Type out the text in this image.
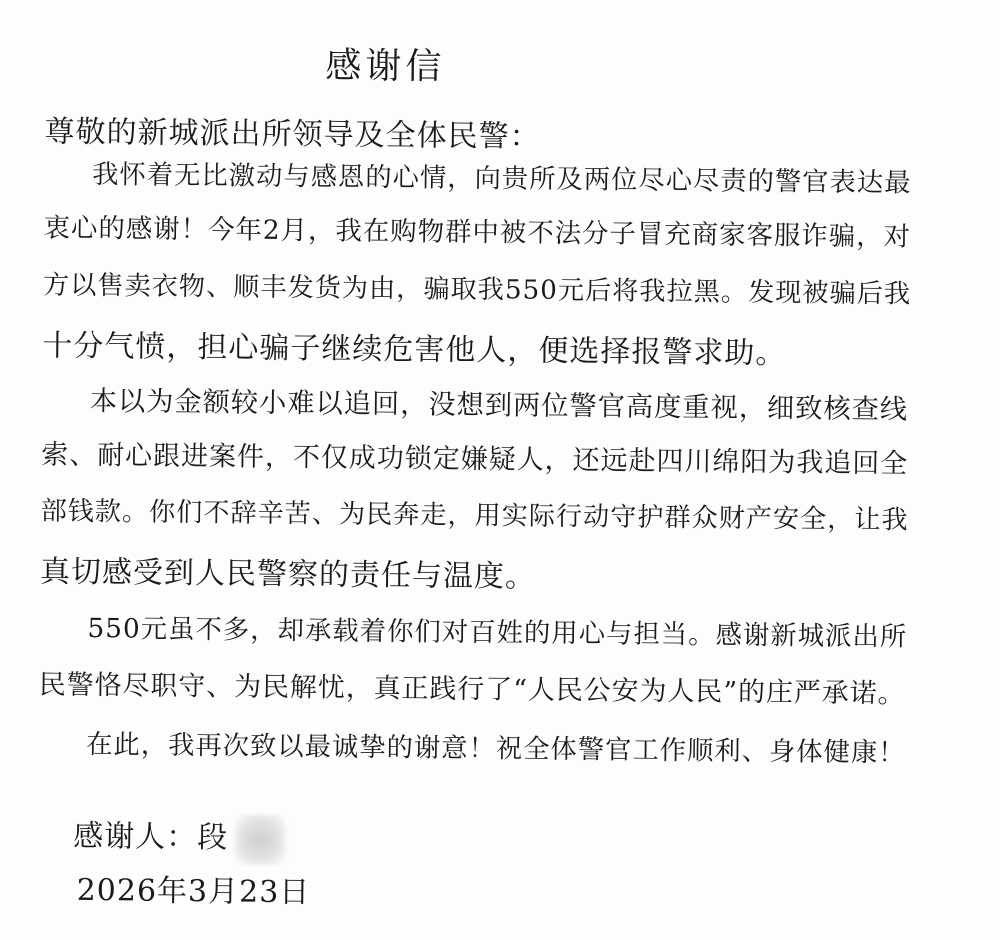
感谢信
尊敬的新城派出所领导及全体民警：
我怀着无比激动与感恩的心情，向贵所及两位尽心尽责的警官表达最
衷心的感谢！今年2月，我在购物群中被不法分子冒充商家客服诈骗，对
方以售卖衣物、顺丰发货为由，骗取我550元后将我拉黑。发现被骗后我
十分气愤，担心骗子继续危害他人，便选择报警求助。
本以为金额较小难以追回，没想到两位警官高度重视，细致核查线
索、耐心跟进案件，不仅成功锁定嫌疑人，还远赴四川绵阳为我追回全
部钱款。你们不辞辛苦、为民奔走，用实际行动守护群众财产安全，让我
真切感受到人民警察的责任与温度。
550元虽不多，却承载着你们对百姓的用心与担当。感谢新城派出所
民警恪尽职守、为民解忧，真正践行了“人民公安为人民”的庄严承诺。
在此，我再次致以最诚挚的谢意！祝全体警官工作顺利、身体健康！
感谢人：段
2026年3月23日
